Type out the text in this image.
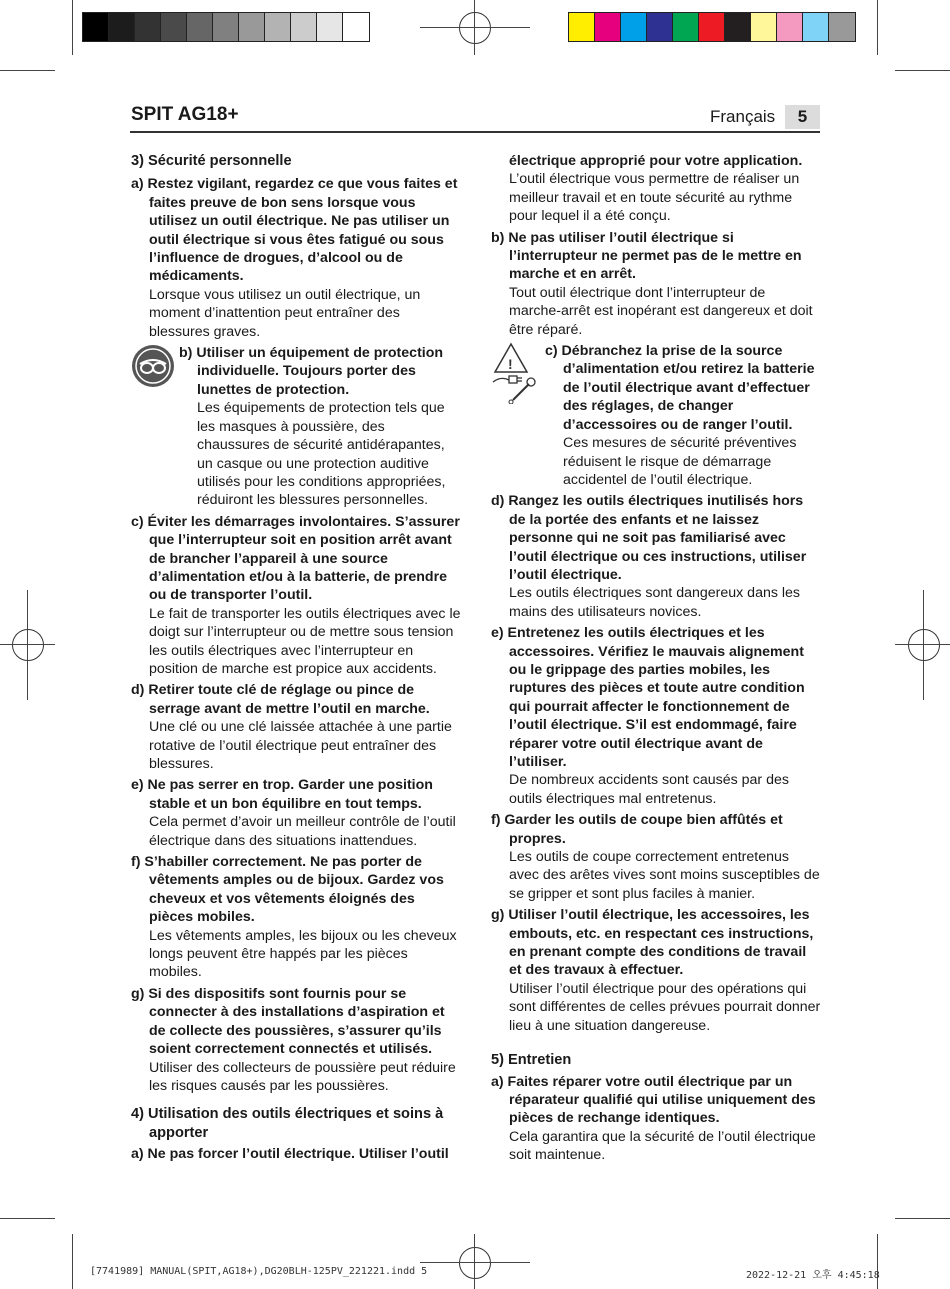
SPIT AG18+	Français	5

3) Sécurité personnelle

a) Restez vigilant, regardez ce que vous faites et faites preuve de bon sens lorsque vous utilisez un outil électrique. Ne pas utiliser un outil électrique si vous êtes fatigué ou sous l’influence de drogues, d’alcool ou de médicaments.

Lorsque vous utilisez un outil électrique, un moment d’inattention peut entraîner des blessures graves.

b) Utiliser un équipement de protection individuelle. Toujours porter des lunettes de protection.

Les équipements de protection tels que les masques à poussière, des chaussures de sécurité antidérapantes, un casque ou une protection auditive utilisés pour les conditions appropriées, réduiront les blessures personnelles.

c) Éviter les démarrages involontaires. S’assurer que l’interrupteur soit en position arrêt avant de brancher l’appareil à une source d’alimentation et/ou à la batterie, de prendre ou de transporter l’outil.

Le fait de transporter les outils électriques avec le doigt sur l’interrupteur ou de mettre sous tension les outils électriques avec l’interrupteur en position de marche est propice aux accidents.

d) Retirer toute clé de réglage ou pince de serrage avant de mettre l’outil en marche.

Une clé ou une clé laissée attachée à une partie rotative de l’outil électrique peut entraîner des blessures.

e) Ne pas serrer en trop. Garder une position stable et un bon équilibre en tout temps.

Cela permet d’avoir un meilleur contrôle de l’outil électrique dans des situations inattendues.

f) S’habiller correctement. Ne pas porter de vêtements amples ou de bijoux. Gardez vos cheveux et vos vêtements éloignés des pièces mobiles.

Les vêtements amples, les bijoux ou les cheveux longs peuvent être happés par les pièces mobiles.

g) Si des dispositifs sont fournis pour se connecter à des installations d’aspiration et de collecte des poussières, s’assurer qu’ils soient correctement connectés et utilisés.

Utiliser des collecteurs de poussière peut réduire les risques causés par les poussières.

4) Utilisation des outils électriques et soins à apporter

a) Ne pas forcer l’outil électrique. Utiliser l’outil

électrique approprié pour votre application.

L’outil électrique vous permettre de réaliser un meilleur travail et en toute sécurité au rythme pour lequel il a été conçu.

b) Ne pas utiliser l’outil électrique si l’interrupteur ne permet pas de le mettre en marche et en arrêt.

Tout outil électrique dont l’interrupteur de marche-arrêt est inopérant est dangereux et doit être réparé.

!

c) Débranchez la prise de la source d’alimentation et/ou retirez la batterie de l’outil électrique avant d’effectuer des réglages, de changer d’accessoires ou de ranger l’outil.

Ces mesures de sécurité préventives réduisent le risque de démarrage accidentel de l’outil électrique.

d) Rangez les outils électriques inutilisés hors de la portée des enfants et ne laissez personne qui ne soit pas familiarisé avec l’outil électrique ou ces instructions, utiliser l’outil électrique.

Les outils électriques sont dangereux dans les mains des utilisateurs novices.

e) Entretenez les outils électriques et les accessoires. Vérifiez le mauvais alignement ou le grippage des parties mobiles, les ruptures des pièces et toute autre condition qui pourrait affecter le fonctionnement de l’outil électrique. S’il est endommagé, faire réparer votre outil électrique avant de l’utiliser.

De nombreux accidents sont causés par des outils électriques mal entretenus.

f) Garder les outils de coupe bien affûtés et propres.

Les outils de coupe correctement entretenus avec des arêtes vives sont moins susceptibles de se gripper et sont plus faciles à manier.

g) Utiliser l’outil électrique, les accessoires, les embouts, etc. en respectant ces instructions, en prenant compte des conditions de travail et des travaux à effectuer.

Utiliser l’outil électrique pour des opérations qui sont différentes de celles prévues pourrait donner lieu à une situation dangereuse.

5) Entretien

a) Faites réparer votre outil électrique par un réparateur qualifié qui utilise uniquement des pièces de rechange identiques.

Cela garantira que la sécurité de l’outil électrique soit maintenue.

[7741989] MANUAL(SPIT,AG18+),DG20BLH-125PV_221221.indd 5	2022-12-21 오후 4:45:18
